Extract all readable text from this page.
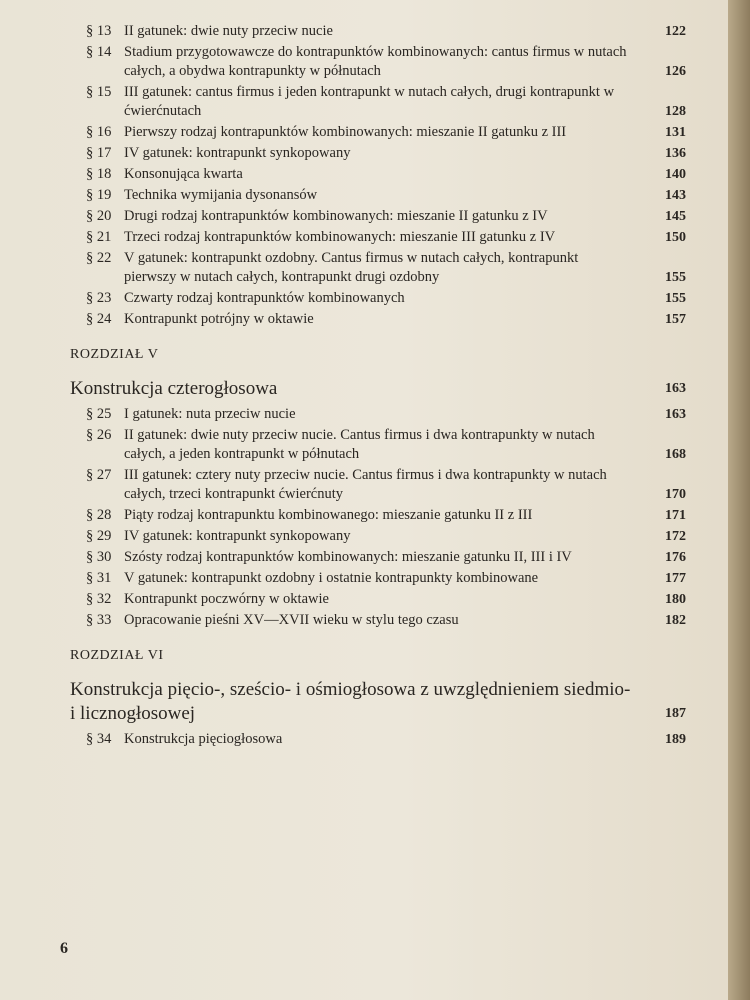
§ 13 II gatunek: dwie nuty przeciw nucie	122
§ 14 Stadium przygotowawcze do kontrapunktów kombinowanych: cantus firmus w nutach całych, a obydwa kontrapunkty w półnutach	126
§ 15 III gatunek: cantus firmus i jeden kontrapunkt w nutach całych, drugi kontrapunkt w ćwierćnutach	128
§ 16 Pierwszy rodzaj kontrapunktów kombinowanych: mieszanie II gatunku z III	131
§ 17 IV gatunek: kontrapunkt synkopowany	136
§ 18 Konsonująca kwarta	140
§ 19 Technika wymijania dysonansów	143
§ 20 Drugi rodzaj kontrapunktów kombinowanych: mieszanie II gatunku z IV	145
§ 21 Trzeci rodzaj kontrapunktów kombinowanych: mieszanie III gatunku z IV	150
§ 22 V gatunek: kontrapunkt ozdobny. Cantus firmus w nutach całych, kontrapunkt pierwszy w nutach całych, kontrapunkt drugi ozdobny	155
§ 23 Czwarty rodzaj kontrapunktów kombinowanych	155
§ 24 Kontrapunkt potrójny w oktawie	157
ROZDZIAŁ V
Konstrukcja czterogłosowa	163
§ 25 I gatunek: nuta przeciw nucie	163
§ 26 II gatunek: dwie nuty przeciw nucie. Cantus firmus i dwa kontrapunkty w nutach całych, a jeden kontrapunkt w półnutach	168
§ 27 III gatunek: cztery nuty przeciw nucie. Cantus firmus i dwa kontrapunkty w nutach całych, trzeci kontrapunkt ćwierćnuty	170
§ 28 Piąty rodzaj kontrapunktu kombinowanego: mieszanie gatunku II z III	171
§ 29 IV gatunek: kontrapunkt synkopowany	172
§ 30 Szósty rodzaj kontrapunktów kombinowanych: mieszanie gatunku II, III i IV	176
§ 31 V gatunek: kontrapunkt ozdobny i ostatnie kontrapunkty kombinowane	177
§ 32 Kontrapunkt poczwórny w oktawie	180
§ 33 Opracowanie pieśni XV—XVII wieku w stylu tego czasu	182
ROZDZIAŁ VI
Konstrukcja pięcio-, sześcio- i ośmiogłosowa z uwzględnieniem siedmio- i licznogłosowej	187
§ 34 Konstrukcja pięciogłosowa	189
6
